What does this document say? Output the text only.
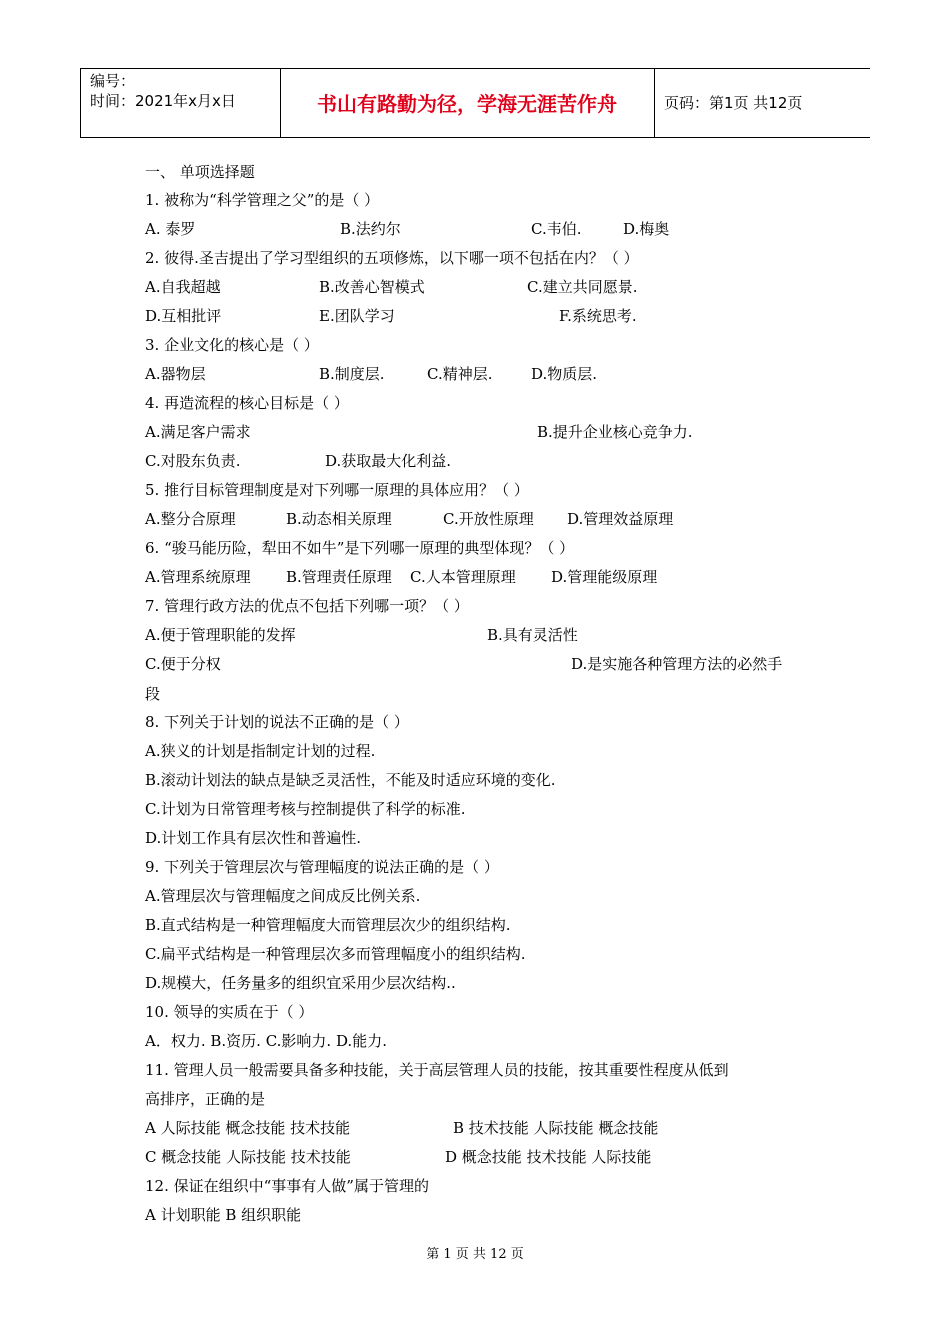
编号：
时间：2021年x月x日	书山有路勤为径，学海无涯苦作舟	页码：第1页 共12页
一、 单项选择题
1. 被称为“科学管理之父”的是（ ）
A. 泰罗	B.法约尔	C.韦伯.	D.梅奥
2. 彼得.圣吉提出了学习型组织的五项修炼，以下哪一项不包括在内？（ ）
A.自我超越	B.改善心智模式	C.建立共同愿景.
D.互相批评	E.团队学习	F.系统思考.
3. 企业文化的核心是（ ）
A.器物层	B.制度层.	C.精神层.	D.物质层.
4. 再造流程的核心目标是（ ）
A.满足客户需求	B.提升企业核心竞争力.
C.对股东负责.	D.获取最大化利益.
5. 推行目标管理制度是对下列哪一原理的具体应用？（ ）
A.整分合原理	B.动态相关原理	C.开放性原理 D.管理效益原理
6. “骏马能历险，犁田不如牛”是下列哪一原理的典型体现？（ ）
A.管理系统原理 B.管理责任原理 C.人本管理原理 D.管理能级原理
7. 管理行政方法的优点不包括下列哪一项？（ ）
A.便于管理职能的发挥	B.具有灵活性
C.便于分权	D.是实施各种管理方法的必然手
段
8. 下列关于计划的说法不正确的是（ ）
A.狭义的计划是指制定计划的过程.
B.滚动计划法的缺点是缺乏灵活性，不能及时适应环境的变化.
C.计划为日常管理考核与控制提供了科学的标准.
D.计划工作具有层次性和普遍性.
9. 下列关于管理层次与管理幅度的说法正确的是（ ）
A.管理层次与管理幅度之间成反比例关系.
B.直式结构是一种管理幅度大而管理层次少的组织结构.
C.扁平式结构是一种管理层次多而管理幅度小的组织结构.
D.规模大，任务量多的组织宜采用少层次结构..
10. 领导的实质在于（ ）
A．权力. B.资历. C.影响力. D.能力.
11. 管理人员一般需要具备多种技能，关于高层管理人员的技能，按其重要性程度从低到
高排序，正确的是
A 人际技能 概念技能 技术技能	B 技术技能 人际技能 概念技能
C 概念技能 人际技能 技术技能	D 概念技能 技术技能 人际技能
12. 保证在组织中“事事有人做”属于管理的
A 计划职能 B 组织职能
第 1 页 共 12 页
